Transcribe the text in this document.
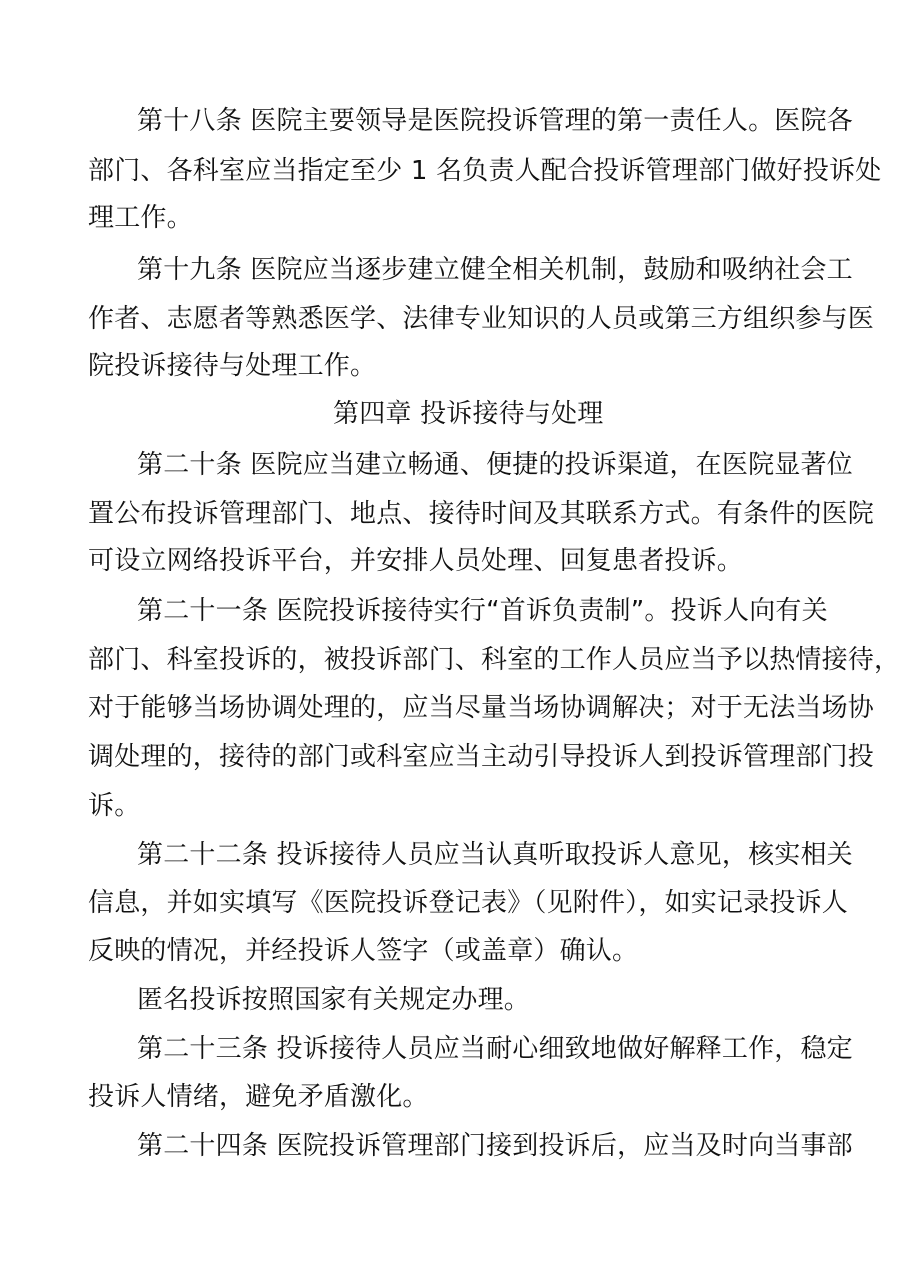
第十八条 医院主要领导是医院投诉管理的第一责任人。医院各
部门、各科室应当指定至少 1 名负责人配合投诉管理部门做好投诉处
理工作。
第十九条 医院应当逐步建立健全相关机制，鼓励和吸纳社会工
作者、志愿者等熟悉医学、法律专业知识的人员或第三方组织参与医
院投诉接待与处理工作。
第四章 投诉接待与处理
第二十条 医院应当建立畅通、便捷的投诉渠道，在医院显著位
置公布投诉管理部门、地点、接待时间及其联系方式。有条件的医院
可设立网络投诉平台，并安排人员处理、回复患者投诉。
第二十一条 医院投诉接待实行“首诉负责制”。投诉人向有关
部门、科室投诉的，被投诉部门、科室的工作人员应当予以热情接待，
对于能够当场协调处理的，应当尽量当场协调解决；对于无法当场协
调处理的，接待的部门或科室应当主动引导投诉人到投诉管理部门投
诉。
第二十二条 投诉接待人员应当认真听取投诉人意见，核实相关
信息，并如实填写《医院投诉登记表》（见附件），如实记录投诉人
反映的情况，并经投诉人签字（或盖章）确认。
匿名投诉按照国家有关规定办理。
第二十三条 投诉接待人员应当耐心细致地做好解释工作，稳定
投诉人情绪，避免矛盾激化。
第二十四条 医院投诉管理部门接到投诉后，应当及时向当事部
